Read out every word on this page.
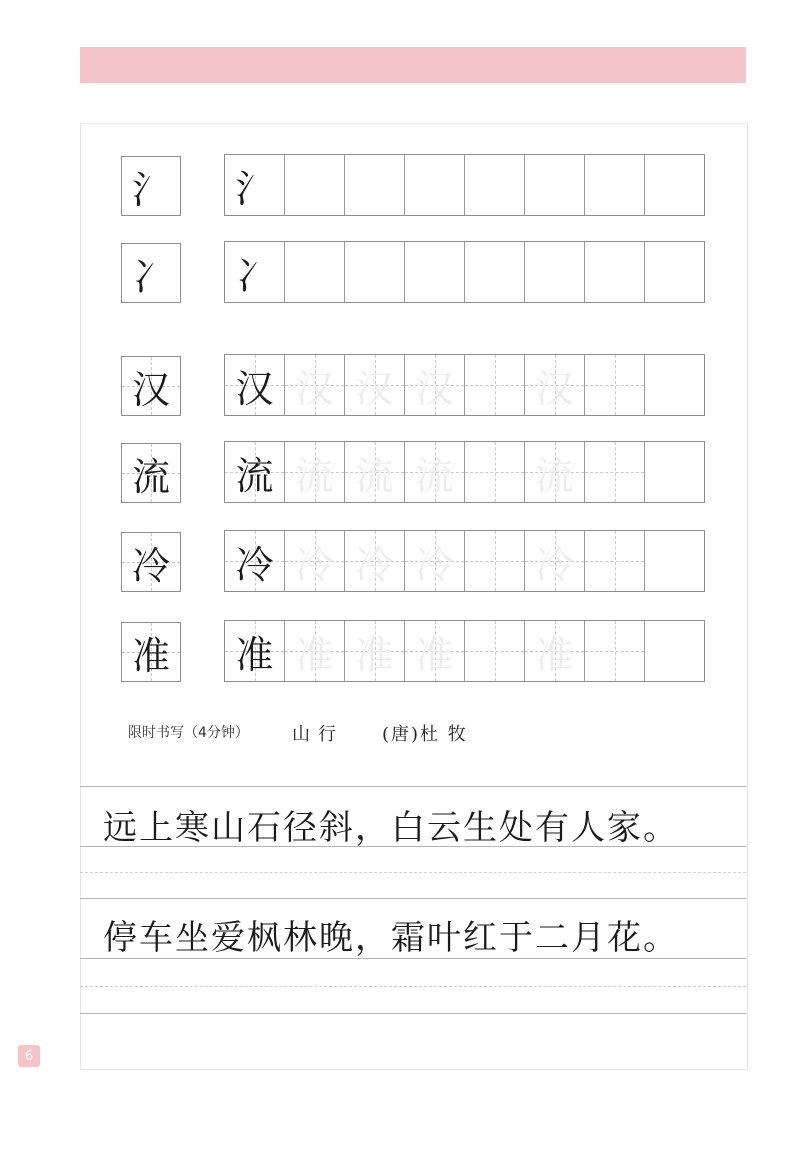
氵 氵
冫 冫
汉 汉 汉 汉 汉 汉
流 流 流 流 流 流
冷 冷 冷 冷 冷 冷
准 准 准 准 准 准
限时书写（4分钟） 山行 (唐)杜 牧
远上寒山石径斜，白云生处有人家。
停车坐爱枫林晚，霜叶红于二月花。
6
